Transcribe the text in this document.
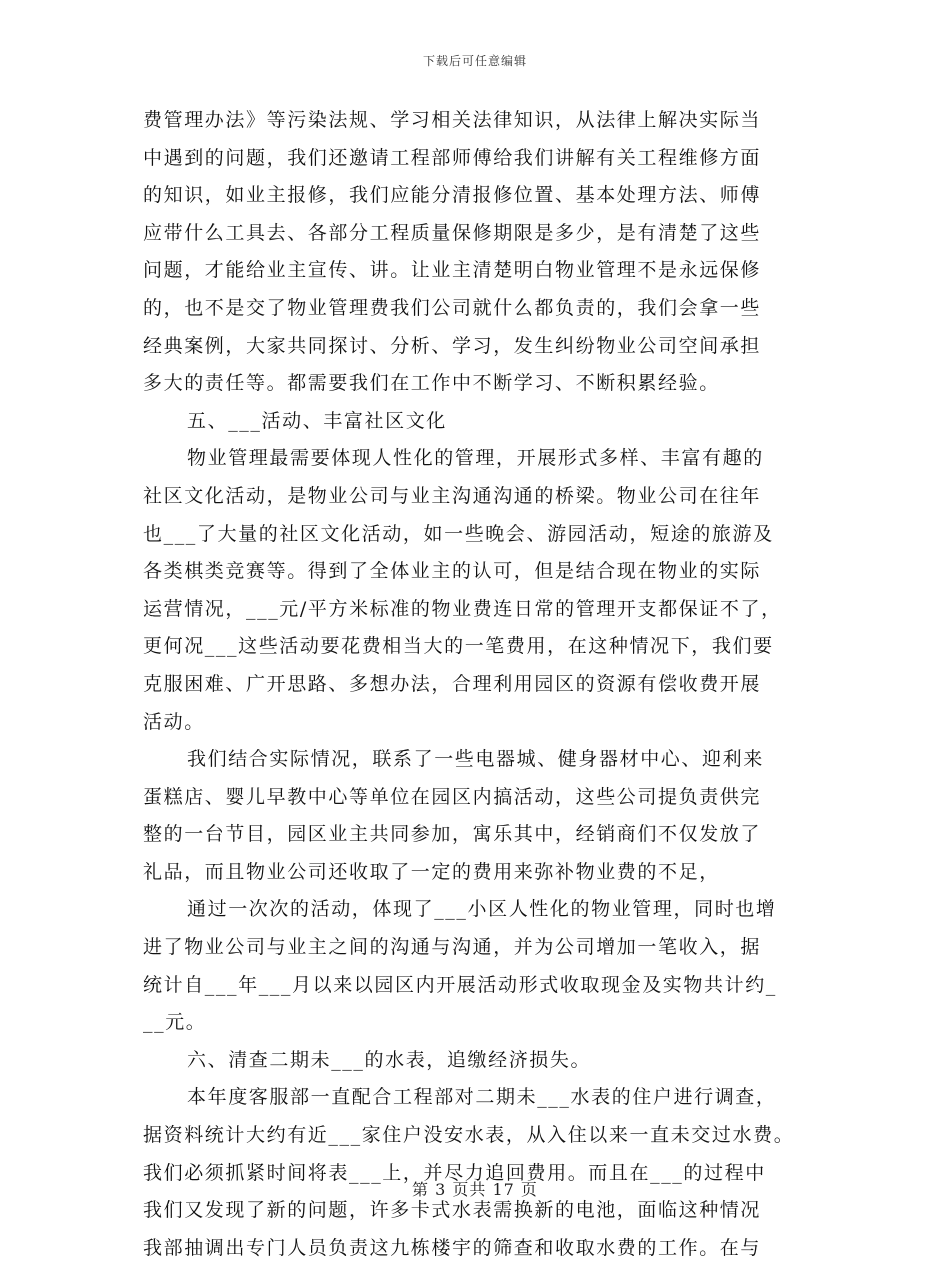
下载后可任意编辑
费管理办法》等污染法规、学习相关法律知识，从法律上解决实际当
中遇到的问题，我们还邀请工程部师傅给我们讲解有关工程维修方面
的知识，如业主报修，我们应能分清报修位置、基本处理方法、师傅
应带什么工具去、各部分工程质量保修期限是多少，是有清楚了这些
问题，才能给业主宣传、讲。让业主清楚明白物业管理不是永远保修
的，也不是交了物业管理费我们公司就什么都负责的，我们会拿一些
经典案例，大家共同探讨、分析、学习，发生纠纷物业公司空间承担
多大的责任等。都需要我们在工作中不断学习、不断积累经验。
五、___活动、丰富社区文化
物业管理最需要体现人性化的管理，开展形式多样、丰富有趣的
社区文化活动，是物业公司与业主沟通沟通的桥梁。物业公司在往年
也___了大量的社区文化活动，如一些晚会、游园活动，短途的旅游及
各类棋类竞赛等。得到了全体业主的认可，但是结合现在物业的实际
运营情况，___元/平方米标准的物业费连日常的管理开支都保证不了，
更何况___这些活动要花费相当大的一笔费用，在这种情况下，我们要
克服困难、广开思路、多想办法，合理利用园区的资源有偿收费开展
活动。
我们结合实际情况，联系了一些电器城、健身器材中心、迎利来
蛋糕店、婴儿早教中心等单位在园区内搞活动，这些公司提负责供完
整的一台节目，园区业主共同参加，寓乐其中，经销商们不仅发放了
礼品，而且物业公司还收取了一定的费用来弥补物业费的不足，
通过一次次的活动，体现了___小区人性化的物业管理，同时也增
进了物业公司与业主之间的沟通与沟通，并为公司增加一笔收入，据
统计自___年___月以来以园区内开展活动形式收取现金及实物共计约_
__元。
六、清查二期未___的水表，追缴经济损失。
本年度客服部一直配合工程部对二期未___水表的住户进行调查，
据资料统计大约有近___家住户没安水表，从入住以来一直未交过水费。
我们必须抓紧时间将表___上，并尽力追回费用。而且在___的过程中
我们又发现了新的问题，许多卡式水表需换新的电池，面临这种情况
我部抽调出专门人员负责这九栋楼宇的筛查和收取水费的工作。在与
第 3 页共 17 页
